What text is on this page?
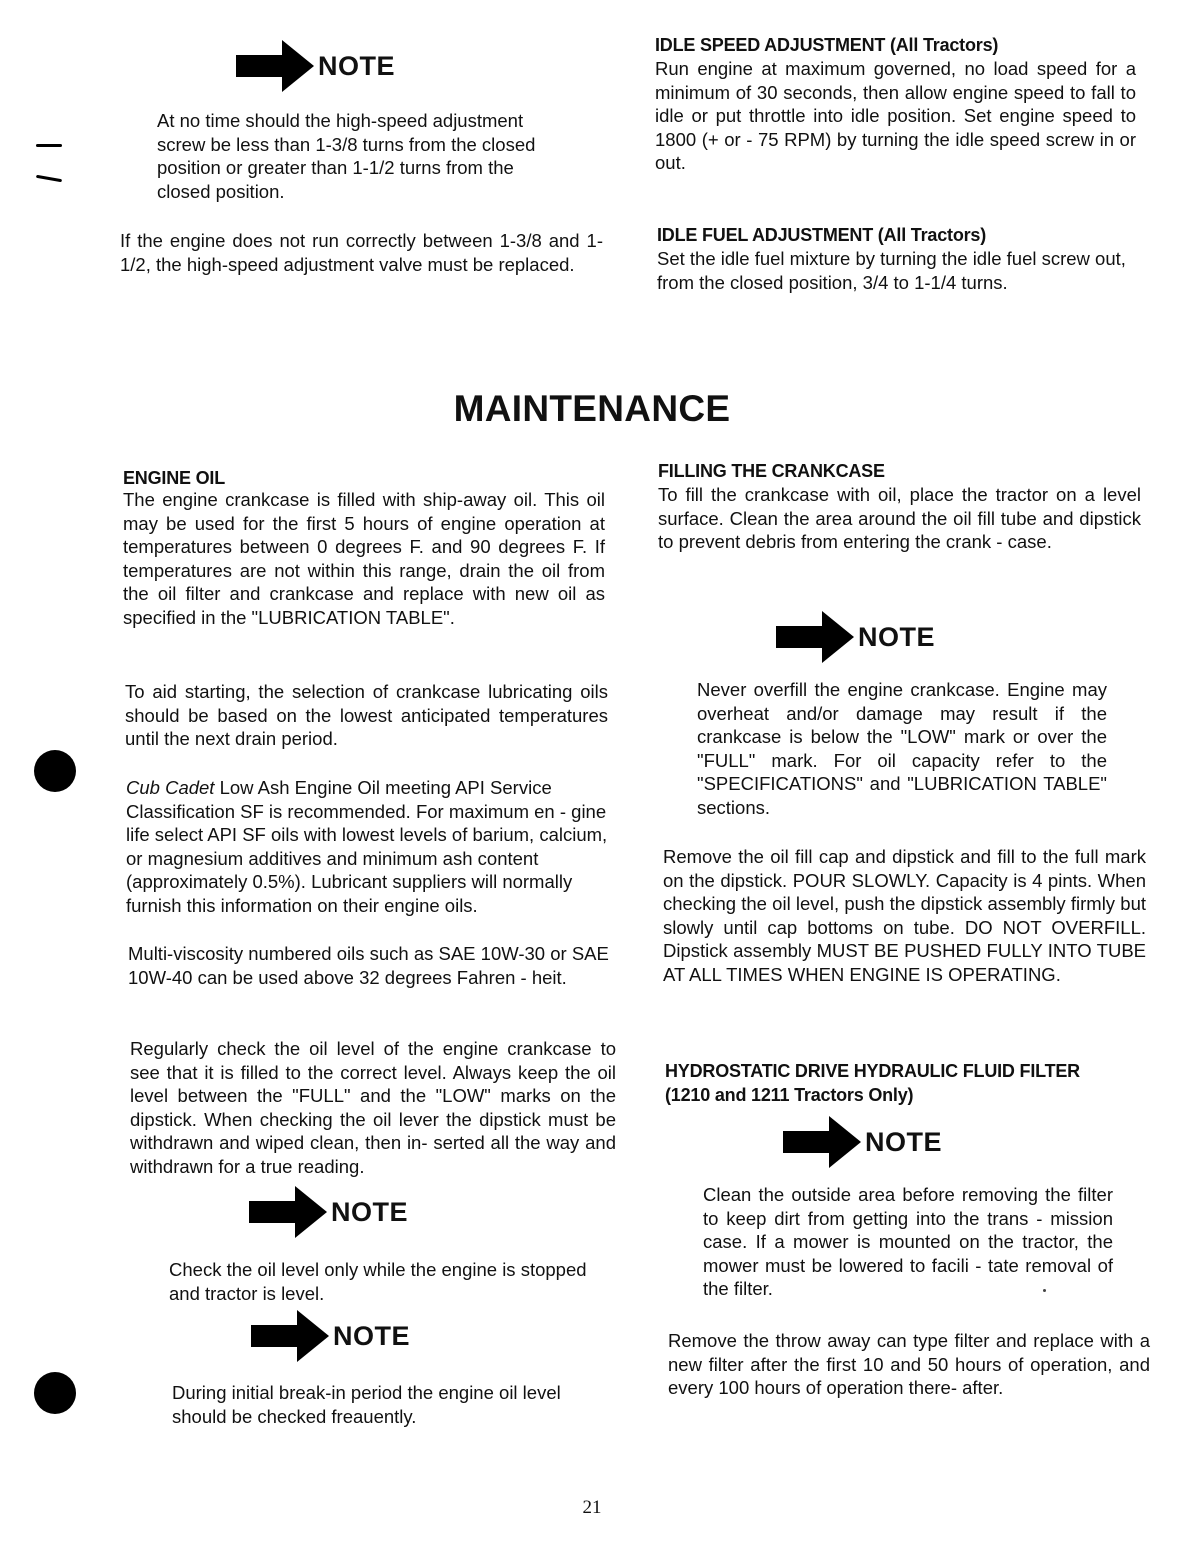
NOTE

At no time should the high-speed adjustment screw be less than 1-3/8 turns from the closed position or greater than 1-1/2 turns from the closed position.

If the engine does not run correctly between 1-3/8 and 1-1/2, the high-speed adjustment valve must be replaced.

IDLE SPEED ADJUSTMENT (All Tractors)

Run engine at maximum governed, no load speed for a minimum of 30 seconds, then allow engine speed to fall to idle or put throttle into idle position. Set engine speed to 1800 (+ or - 75 RPM) by turning the idle speed screw in or out.

IDLE FUEL ADJUSTMENT (All Tractors)

Set the idle fuel mixture by turning the idle fuel screw out, from the closed position, 3/4 to 1-1/4 turns.

MAINTENANCE
ENGINE OIL

The engine crankcase is filled with ship-away oil. This oil may be used for the first 5 hours of engine operation at temperatures between 0 degrees F. and 90 degrees F. If temperatures are not within this range, drain the oil from the oil filter and crankcase and replace with new oil as specified in the "LUBRICATION TABLE".

To aid starting, the selection of crankcase lubricating oils should be based on the lowest anticipated temperatures until the next drain period.

Cub Cadet Low Ash Engine Oil meeting API Service Classification SF is recommended. For maximum en - gine life select API SF oils with lowest levels of barium, calcium, or magnesium additives and minimum ash content (approximately 0.5%). Lubricant suppliers will normally furnish this information on their engine oils.

Multi-viscosity numbered oils such as SAE 10W-30 or SAE 10W-40 can be used above 32 degrees Fahren - heit.

Regularly check the oil level of the engine crankcase to see that it is filled to the correct level. Always keep the oil level between the "FULL" and the "LOW" marks on the dipstick. When checking the oil lever the dipstick must be withdrawn and wiped clean, then in- serted all the way and withdrawn for a true reading.

NOTE

Check the oil level only while the engine is stopped and tractor is level.

NOTE

During initial break-in period the engine oil level should be checked freauently.

FILLING THE CRANKCASE

To fill the crankcase with oil, place the tractor on a level surface. Clean the area around the oil fill tube and dipstick to prevent debris from entering the crank - case.

NOTE

Never overfill the engine crankcase. Engine may overheat and/or damage may result if the crankcase is below the "LOW" mark or over the "FULL" mark. For oil capacity refer to the "SPECIFICATIONS" and "LUBRICATION TABLE" sections.

Remove the oil fill cap and dipstick and fill to the full mark on the dipstick. POUR SLOWLY. Capacity is 4 pints. When checking the oil level, push the dipstick assembly firmly but slowly until cap bottoms on tube. DO NOT OVERFILL. Dipstick assembly MUST BE PUSHED FULLY INTO TUBE AT ALL TIMES WHEN ENGINE IS OPERATING.

HYDROSTATIC DRIVE HYDRAULIC FLUID FILTER
(1210 and 1211 Tractors Only)
NOTE

Clean the outside area before removing the filter to keep dirt from getting into the trans - mission case. If a mower is mounted on the tractor, the mower must be lowered to facili - tate removal of the filter.

Remove the throw away can type filter and replace with a new filter after the first 10 and 50 hours of operation, and every 100 hours of operation there- after.

21
